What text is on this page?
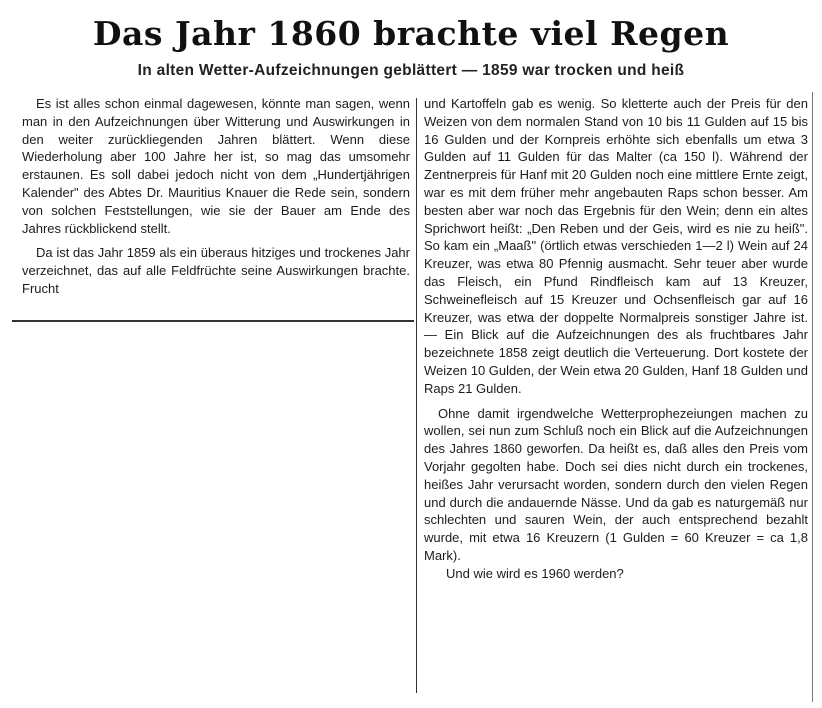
Das Jahr 1860 brachte viel Regen
In alten Wetter-Aufzeichnungen geblättert — 1859 war trocken und heiß

Es ist alles schon einmal dagewesen, könnte man sagen, wenn man in den Aufzeichnungen über Witterung und Auswirkungen in den weiter zurückliegenden Jahren blättert. Wenn diese Wiederholung aber 100 Jahre her ist, so mag das umsomehr erstaunen. Es soll dabei jedoch nicht von dem „Hundertjährigen Kalender" des Abtes Dr. Mauritius Knauer die Rede sein, sondern von solchen Feststellungen, wie sie der Bauer am Ende des Jahres rückblickend stellt.

Da ist das Jahr 1859 als ein überaus hitziges und trockenes Jahr verzeichnet, das auf alle Feldfrüchte seine Auswirkungen brachte. Frucht

und Kartoffeln gab es wenig. So kletterte auch der Preis für den Weizen von dem normalen Stand von 10 bis 11 Gulden auf 15 bis 16 Gulden und der Kornpreis erhöhte sich ebenfalls um etwa 3 Gulden auf 11 Gulden für das Malter (ca 150 l). Während der Zentnerpreis für Hanf mit 20 Gulden noch eine mittlere Ernte zeigt, war es mit dem früher mehr angebauten Raps schon besser. Am besten aber war noch das Ergebnis für den Wein; denn ein altes Sprichwort heißt: „Den Reben und der Geis, wird es nie zu heiß". So kam ein „Maaß" (örtlich etwas verschieden 1—2 l) Wein auf 24 Kreuzer, was etwa 80 Pfennig ausmacht. Sehr teuer aber wurde das Fleisch, ein Pfund Rindfleisch kam auf 13 Kreuzer, Schweinefleisch auf 15 Kreuzer und Ochsenfleisch gar auf 16 Kreuzer, was etwa der doppelte Normalpreis sonstiger Jahre ist. — Ein Blick auf die Aufzeichnungen des als fruchtbares Jahr bezeichnete 1858 zeigt deutlich die Verteuerung. Dort kostete der Weizen 10 Gulden, der Wein etwa 20 Gulden, Hanf 18 Gulden und Raps 21 Gulden.

Ohne damit irgendwelche Wetterprophezeiungen machen zu wollen, sei nun zum Schluß noch ein Blick auf die Aufzeichnungen des Jahres 1860 geworfen. Da heißt es, daß alles den Preis vom Vorjahr gegolten habe. Doch sei dies nicht durch ein trockenes, heißes Jahr verursacht worden, sondern durch den vielen Regen und durch die andauernde Nässe. Und da gab es naturgemäß nur schlechten und sauren Wein, der auch entsprechend bezahlt wurde, mit etwa 16 Kreuzern (1 Gulden = 60 Kreuzer = ca 1,8 Mark).

Und wie wird es 1960 werden?
